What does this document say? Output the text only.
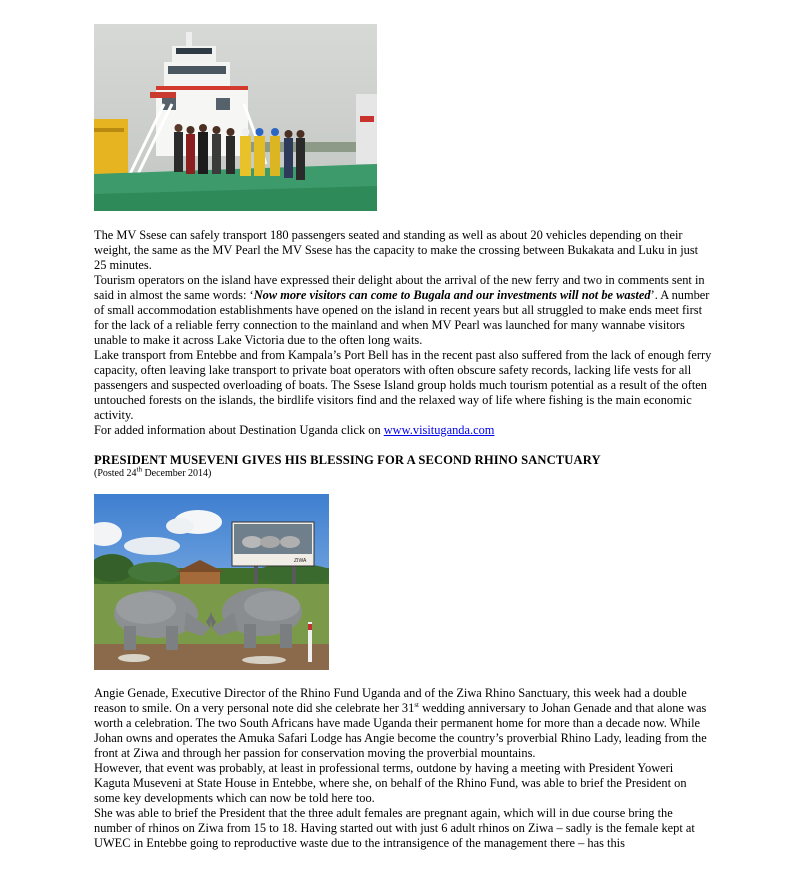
The MV Ssese can safely transport 180 passengers seated and standing as well as about 20 vehicles depending on their weight, the same as the MV Pearl the MV Ssese has the capacity to make the crossing between Bukakata and Luku in just 25 minutes.

Tourism operators on the island have expressed their delight about the arrival of the new ferry and two in comments sent in said in almost the same words: ‘Now more visitors can come to Bugala and our investments will not be wasted’. A number of small accommodation establishments have opened on the island in recent years but all struggled to make ends meet first for the lack of a reliable ferry connection to the mainland and when MV Pearl was launched for many wannabe visitors unable to make it across Lake Victoria due to the often long waits.

Lake transport from Entebbe and from Kampala’s Port Bell has in the recent past also suffered from the lack of enough ferry capacity, often leaving lake transport to private boat operators with often obscure safety records, lacking life vests for all passengers and suspected overloading of boats. The Ssese Island group holds much tourism potential as a result of the often untouched forests on the islands, the birdlife visitors find and the relaxed way of life where fishing is the main economic activity.

For added information about Destination Uganda click on www.visituganda.com

PRESIDENT MUSEVENI GIVES HIS BLESSING FOR A SECOND RHINO SANCTUARY

(Posted 24th December 2014)

ZIWA

Angie Genade, Executive Director of the Rhino Fund Uganda and of the Ziwa Rhino Sanctuary, this week had a double reason to smile. On a very personal note did she celebrate her 31st wedding anniversary to Johan Genade and that alone was worth a celebration. The two South Africans have made Uganda their permanent home for more than a decade now. While Johan owns and operates the Amuka Safari Lodge has Angie become the country’s proverbial Rhino Lady, leading from the front at Ziwa and through her passion for conservation moving the proverbial mountains.

However, that event was probably, at least in professional terms, outdone by having a meeting with President Yoweri Kaguta Museveni at State House in Entebbe, where she, on behalf of the Rhino Fund, was able to brief the President on some key developments which can now be told here too.

She was able to brief the President that the three adult females are pregnant again, which will in due course bring the number of rhinos on Ziwa from 15 to 18. Having started out with just 6 adult rhinos on Ziwa – sadly is the female kept at UWEC in Entebbe going to reproductive waste due to the intransigence of the management there – has this
